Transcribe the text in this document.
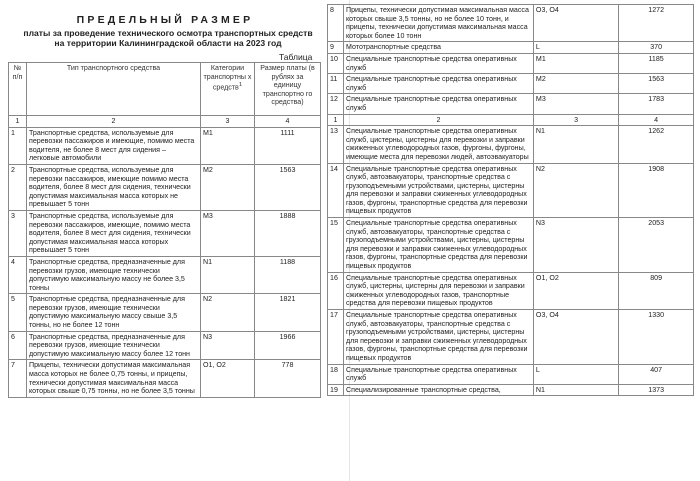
ПРЕДЕЛЬНЫЙ РАЗМЕР
платы за проведение технического осмотра транспортных средств
на территории Калининградской области на 2023 год
Таблица
№ п/п	Тип транспортного средства	Категории транспортны х средств$^1$	Размер платы (в рублях за единицу транспортно го средства)
1	2	3	4
1	Транспортные средства, используемые для перевозки пассажиров и имеющие, помимо места водителя, не более 8 мест для сидения – легковые автомобили	M1	1111
2	Транспортные средства, используемые для перевозки пассажиров, имеющие помимо места водителя, более 8 мест для сидения, технически допустимая максимальная масса которых не превышает 5 тонн	M2	1563
3	Транспортные средства, используемые для перевозки пассажиров, имеющие, помимо места водителя, более 8 мест для сидения, технически допустимая максимальная масса которых превышает 5 тонн	M3	1888
4	Транспортные средства, предназначенные для перевозки грузов, имеющие технически допустимую максимальную массу не более 3,5 тонны	N1	1188
5	Транспортные средства, предназначенные для перевозки грузов, имеющие технически допустимую максимальную массу свыше 3,5 тонны, но не более 12 тонн	N2	1821
6	Транспортные средства, предназначенные для перевозки грузов, имеющие технически допустимую максимальную массу более 12 тонн	N3	1966
7	Прицепы, технически допустимая максимальная масса которых не более 0,75 тонны, и прицепы, технически допустимая максимальная масса которых свыше 0,75 тонны, но не более 3,5 тонны	O1, O2	778
8	Прицепы, технически допустимая максимальная масса которых свыше 3,5 тонны, но не более 10 тонн, и прицепы, технически допустимая максимальная масса которых более 10 тонн	O3, O4	1272
9	Мототранспортные средства	L	370
10	Специальные транспортные средства оперативных служб	M1	1185
11	Специальные транспортные средства оперативных служб	M2	1563
12	Специальные транспортные средства оперативных служб	M3	1783
1	2	3	4
13	Специальные транспортные средства оперативных служб, цистерны, цистерны для перевозки и заправки сжиженных углеводородных газов, фургоны, фургоны, имеющие места для перевозки людей, автоэвакуаторы	N1	1262
14	Специальные транспортные средства оперативных служб, автоэвакуаторы, транспортные средства с грузоподъемными устройствами, цистерны, цистерны для перевозки и заправки сжиженных углеводородных газов, фургоны, транспортные средства для перевозки пищевых продуктов	N2	1908
15	Специальные транспортные средства оперативных служб, автоэвакуаторы, транспортные средства с грузоподъемными устройствами, цистерны, цистерны для перевозки и заправки сжиженных углеводородных газов, фургоны, транспортные средства для перевозки пищевых продуктов	N3	2053
16	Специальные транспортные средства оперативных служб, цистерны, цистерны для перевозки и заправки сжиженных углеводородных газов, транспортные средства для перевозки пищевых продуктов	O1, O2	809
17	Специальные транспортные средства оперативных служб, автоэвакуаторы, транспортные средства с грузоподъемными устройствами, цистерны, цистерны для перевозки и заправки сжиженных углеводородных газов, фургоны, транспортные средства для перевозки пищевых продуктов	O3, O4	1330
18	Специальные транспортные средства оперативных служб	L	407
19	Специализированные транспортные средства,	N1	1373
